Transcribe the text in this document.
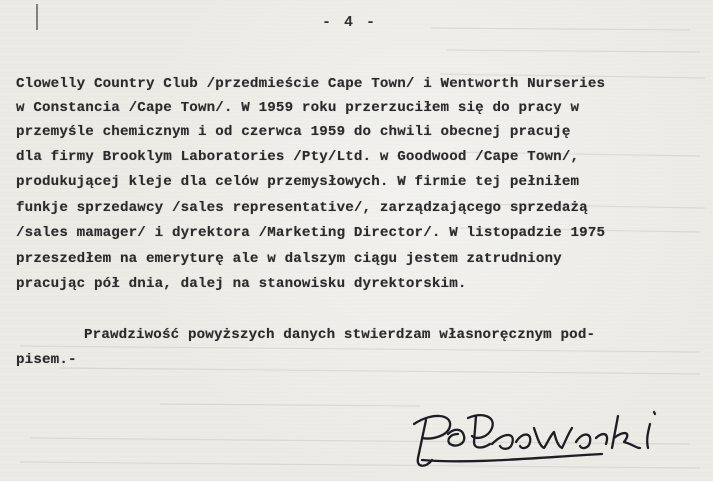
- 4 -

Clowelly Country Club /przedmieście Cape Town/ i Wentworth Nurseries

w Constancia /Cape Town/. W 1959 roku przerzuciłem się do pracy w

przemyśle chemicznym i od czerwca 1959 do chwili obecnej pracuję

dla firmy Brooklym Laboratories /Pty/Ltd. w Goodwood /Cape Town/,

produkującej kleje dla celów przemysłowych. W firmie tej pełniłem

funkje sprzedawcy /sales representative/, zarządzającego sprzedażą

/sales mamager/ i dyrektora /Marketing Director/. W listopadzie 1975

przeszedłem na emeryturę ale w dalszym ciągu jestem zatrudniony

pracując pół dnia, dalej na stanowisku dyrektorskim.

Prawdziwość powyższych danych stwierdzam własnoręcznym pod-

pisem.-
